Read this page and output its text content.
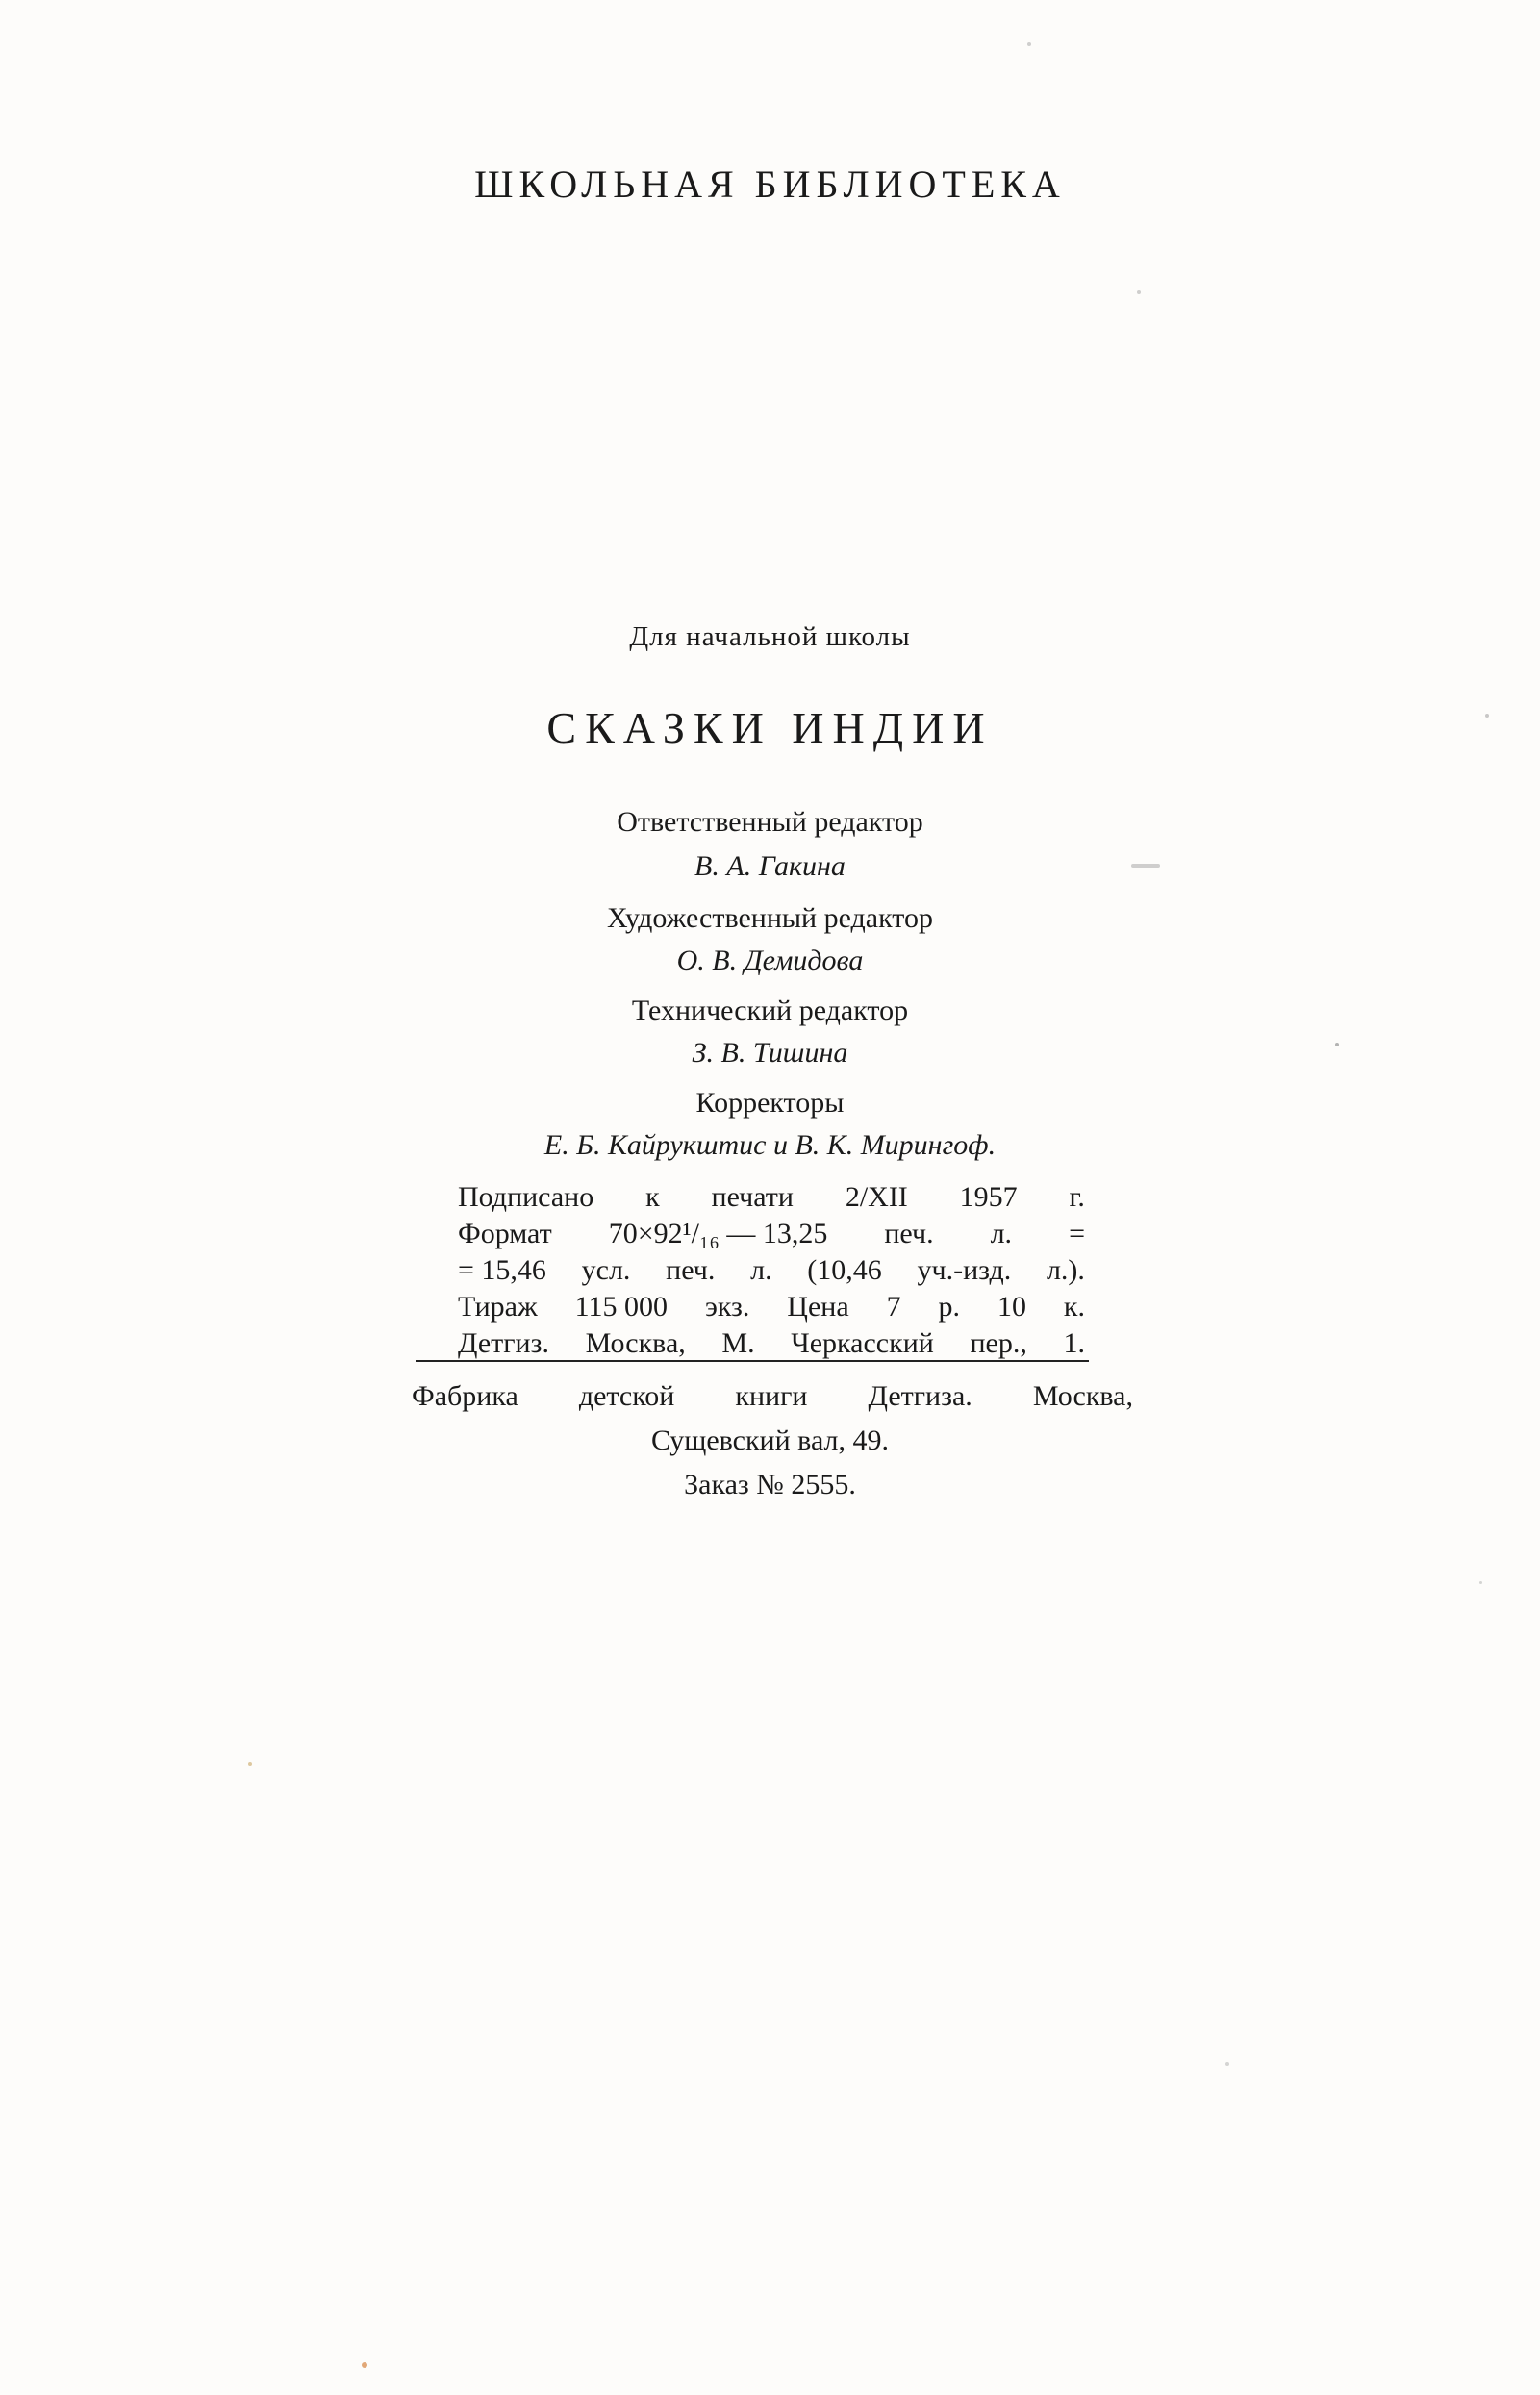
ШКОЛЬНАЯ БИБЛИОТЕКА
Для начальной школы
СКАЗКИ ИНДИИ
Ответственный редактор
В. А. Гакина
Художественный редактор
О. В. Демидова
Технический редактор
З. В. Тишина
Корректоры
Е. Б. Кайрукштис и В. К. Мирингоф.
Подписано к печати 2/XII 1957 г.
Формат 70×92¹/₁₆ — 13,25 печ. л. =
= 15,46 усл. печ. л. (10,46 уч.-изд. л.).
Тираж 115 000 экз. Цена 7 р. 10 к.
Детгиз. Москва, М. Черкасский пер., 1.
Фабрика детской книги Детгиза. Москва,
Сущевский вал, 49.
Заказ № 2555.
